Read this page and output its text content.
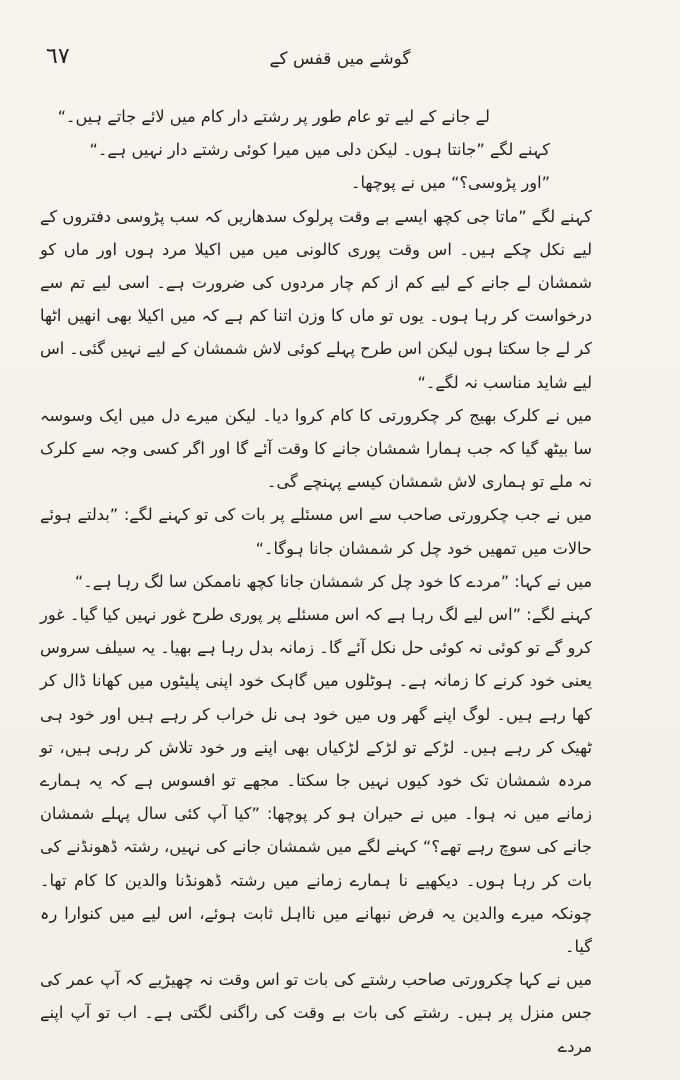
٦٧	گوشے میں قفس کے

لے جانے کے لیے تو عام طور پر رشتے دار کام میں لائے جاتے ہیں۔“

کہنے لگے ”جانتا ہوں۔ لیکن دلی میں میرا کوئی رشتے دار نہیں ہے۔“

”اور پڑوسی؟“ میں نے پوچھا۔

کہنے لگے ”ماتا جی کچھ ایسے بے وقت پرلوک سدھاریں کہ سب پڑوسی دفتروں کے لیے نکل چکے ہیں۔ اس وقت پوری کالونی میں میں اکیلا مرد ہوں اور ماں کو شمشان لے جانے کے لیے کم از کم چار مردوں کی ضرورت ہے۔ اسی لیے تم سے درخواست کر رہا ہوں۔ یوں تو ماں کا وزن اتنا کم ہے کہ میں اکیلا بھی انھیں اٹھا کر لے جا سکتا ہوں لیکن اس طرح پہلے کوئی لاش شمشان کے لیے نہیں گئی۔ اس لیے شاید مناسب نہ لگے۔“

میں نے کلرک بھیج کر چکرورتی کا کام کروا دیا۔ لیکن میرے دل میں ایک وسوسہ سا بیٹھ گیا کہ جب ہمارا شمشان جانے کا وقت آئے گا اور اگر کسی وجہ سے کلرک نہ ملے تو ہماری لاش شمشان کیسے پہنچے گی۔

میں نے جب چکرورتی صاحب سے اس مسئلے پر بات کی تو کہنے لگے: ”بدلتے ہوئے حالات میں تمھیں خود چل کر شمشان جانا ہوگا۔“

میں نے کہا: ”مردے کا خود چل کر شمشان جانا کچھ ناممکن سا لگ رہا ہے۔“

کہنے لگے: ”اس لیے لگ رہا ہے کہ اس مسئلے پر پوری طرح غور نہیں کیا گیا۔ غور کرو گے تو کوئی نہ کوئی حل نکل آئے گا۔ زمانہ بدل رہا ہے بھیا۔ یہ سیلف سروس یعنی خود کرنے کا زمانہ ہے۔ ہوٹلوں میں گاہک خود اپنی پلیٹوں میں کھانا ڈال کر کھا رہے ہیں۔ لوگ اپنے گھر وں میں خود ہی نل خراب کر رہے ہیں اور خود ہی ٹھیک کر رہے ہیں۔ لڑکے تو لڑکے لڑکیاں بھی اپنے ور خود تلاش کر رہی ہیں، تو مردہ شمشان تک خود کیوں نہیں جا سکتا۔ مجھے تو افسوس ہے کہ یہ ہمارے زمانے میں نہ ہوا۔ میں نے حیران ہو کر پوچھا: ”کیا آپ کئی سال پہلے شمشان جانے کی سوچ رہے تھے؟“ کہنے لگے میں شمشان جانے کی نہیں، رشتہ ڈھونڈنے کی بات کر رہا ہوں۔ دیکھیے نا ہمارے زمانے میں رشتہ ڈھونڈنا والدین کا کام تھا۔ چونکہ میرے والدین یہ فرض نبھانے میں نااہل ثابت ہوئے، اس لیے میں کنوارا رہ گیا۔

میں نے کہا چکرورتی صاحب رشتے کی بات تو اس وقت نہ چھیڑیے کہ آپ عمر کی جس منزل پر ہیں۔ رشتے کی بات بے وقت کی راگنی لگتی ہے۔ اب تو آپ اپنے مردے
